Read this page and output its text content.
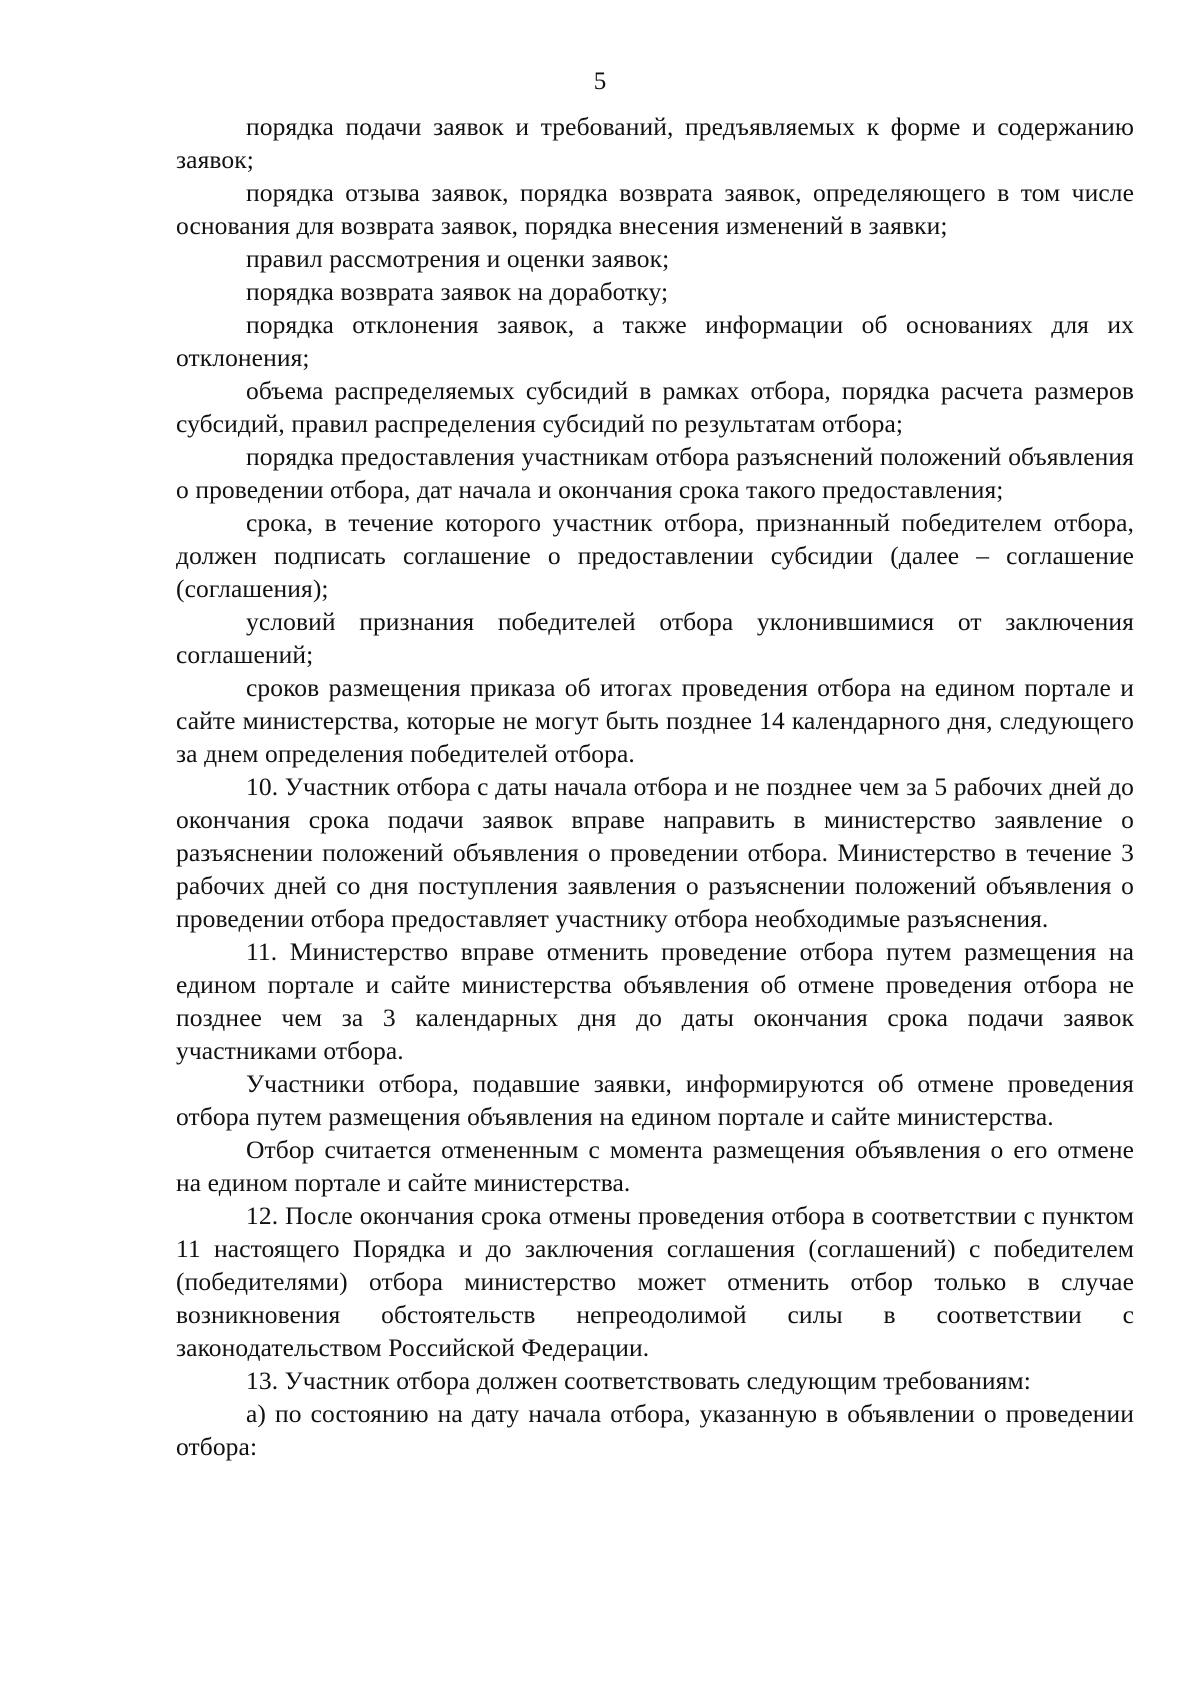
5

порядка подачи заявок и требований, предъявляемых к форме и содержанию заявок;

порядка отзыва заявок, порядка возврата заявок, определяющего в том числе основания для возврата заявок, порядка внесения изменений в заявки;

правил рассмотрения и оценки заявок;

порядка возврата заявок на доработку;

порядка отклонения заявок, а также информации об основаниях для их отклонения;

объема распределяемых субсидий в рамках отбора, порядка расчета размеров субсидий, правил распределения субсидий по результатам отбора;

порядка предоставления участникам отбора разъяснений положений объявления о проведении отбора, дат начала и окончания срока такого предоставления;

срока, в течение которого участник отбора, признанный победителем отбора, должен подписать соглашение о предоставлении субсидии (далее – соглашение (соглашения);

условий признания победителей отбора уклонившимися от заключения соглашений;

сроков размещения приказа об итогах проведения отбора на едином портале и сайте министерства, которые не могут быть позднее 14 календарного дня, следующего за днем определения победителей отбора.

10. Участник отбора с даты начала отбора и не позднее чем за 5 рабочих дней до окончания срока подачи заявок вправе направить в министерство заявление о разъяснении положений объявления о проведении отбора. Министерство в течение 3 рабочих дней со дня поступления заявления о разъяснении положений объявления о проведении отбора предоставляет участнику отбора необходимые разъяснения.

11. Министерство вправе отменить проведение отбора путем размещения на едином портале и сайте министерства объявления об отмене проведения отбора не позднее чем за 3 календарных дня до даты окончания срока подачи заявок участниками отбора.

Участники отбора, подавшие заявки, информируются об отмене проведения отбора путем размещения объявления на едином портале и сайте министерства.

Отбор считается отмененным с момента размещения объявления о его отмене на едином портале и сайте министерства.

12. После окончания срока отмены проведения отбора в соответствии с пунктом 11 настоящего Порядка и до заключения соглашения (соглашений) с победителем (победителями) отбора министерство может отменить отбор только в случае возникновения обстоятельств непреодолимой силы в соответствии с законодательством Российской Федерации.

13. Участник отбора должен соответствовать следующим требованиям:

а) по состоянию на дату начала отбора, указанную в объявлении о проведении отбора:
